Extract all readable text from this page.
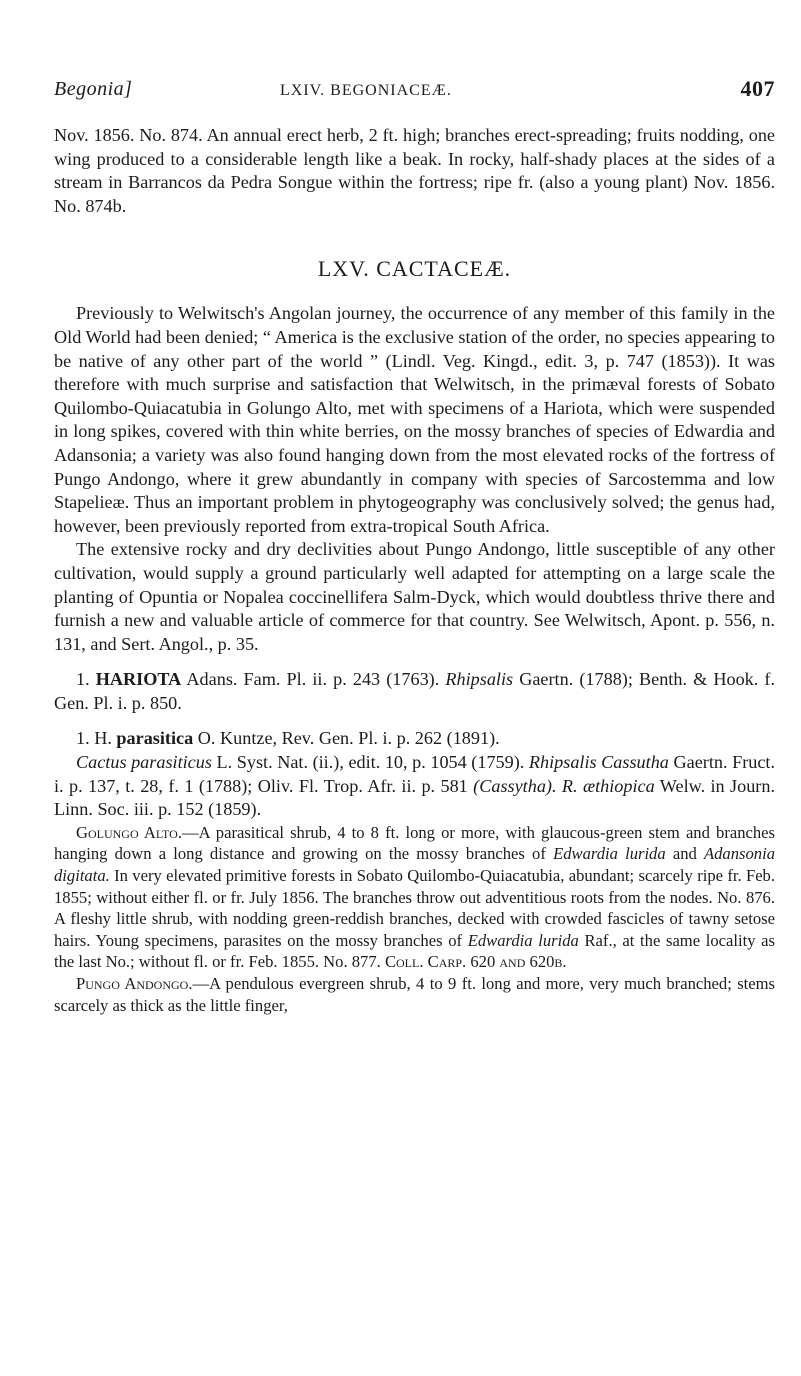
Begonia]	LXIV. BEGONIACEÆ.	407

Nov. 1856. No. 874. An annual erect herb, 2 ft. high; branches erect-spreading; fruits nodding, one wing produced to a considerable length like a beak. In rocky, half-shady places at the sides of a stream in Barrancos da Pedra Songue within the fortress; ripe fr. (also a young plant) Nov. 1856. No. 874b.

LXV. CACTACEÆ.

Previously to Welwitsch's Angolan journey, the occurrence of any member of this family in the Old World had been denied; “ America is the exclusive station of the order, no species appearing to be native of any other part of the world ” (Lindl. Veg. Kingd., edit. 3, p. 747 (1853)). It was therefore with much surprise and satisfaction that Welwitsch, in the primæval forests of Sobato Quilombo-Quiacatubia in Golungo Alto, met with specimens of a Hariota, which were suspended in long spikes, covered with thin white berries, on the mossy branches of species of Edwardia and Adansonia; a variety was also found hanging down from the most elevated rocks of the fortress of Pungo Andongo, where it grew abundantly in company with species of Sarcostemma and low Stapelieæ. Thus an important problem in phytogeography was conclusively solved; the genus had, however, been previously reported from extra-tropical South Africa.

The extensive rocky and dry declivities about Pungo Andongo, little susceptible of any other cultivation, would supply a ground particularly well adapted for attempting on a large scale the planting of Opuntia or Nopalea coccinellifera Salm-Dyck, which would doubtless thrive there and furnish a new and valuable article of commerce for that country. See Welwitsch, Apont. p. 556, n. 131, and Sert. Angol., p. 35.

1. HARIOTA Adans. Fam. Pl. ii. p. 243 (1763). Rhipsalis Gaertn. (1788); Benth. & Hook. f. Gen. Pl. i. p. 850.

1. H. parasitica O. Kuntze, Rev. Gen. Pl. i. p. 262 (1891).

Cactus parasiticus L. Syst. Nat. (ii.), edit. 10, p. 1054 (1759). Rhipsalis Cassutha Gaertn. Fruct. i. p. 137, t. 28, f. 1 (1788); Oliv. Fl. Trop. Afr. ii. p. 581 (Cassytha). R. æthiopica Welw. in Journ. Linn. Soc. iii. p. 152 (1859).

Golungo Alto.—A parasitical shrub, 4 to 8 ft. long or more, with glaucous-green stem and branches hanging down a long distance and growing on the mossy branches of Edwardia lurida and Adansonia digitata. In very elevated primitive forests in Sobato Quilombo-Quiacatubia, abundant; scarcely ripe fr. Feb. 1855; without either fl. or fr. July 1856. The branches throw out adventitious roots from the nodes. No. 876. A fleshy little shrub, with nodding green-reddish branches, decked with crowded fascicles of tawny setose hairs. Young specimens, parasites on the mossy branches of Edwardia lurida Raf., at the same locality as the last No.; without fl. or fr. Feb. 1855. No. 877. Coll. Carp. 620 and 620b.

Pungo Andongo.—A pendulous evergreen shrub, 4 to 9 ft. long and more, very much branched; stems scarcely as thick as the little finger,
